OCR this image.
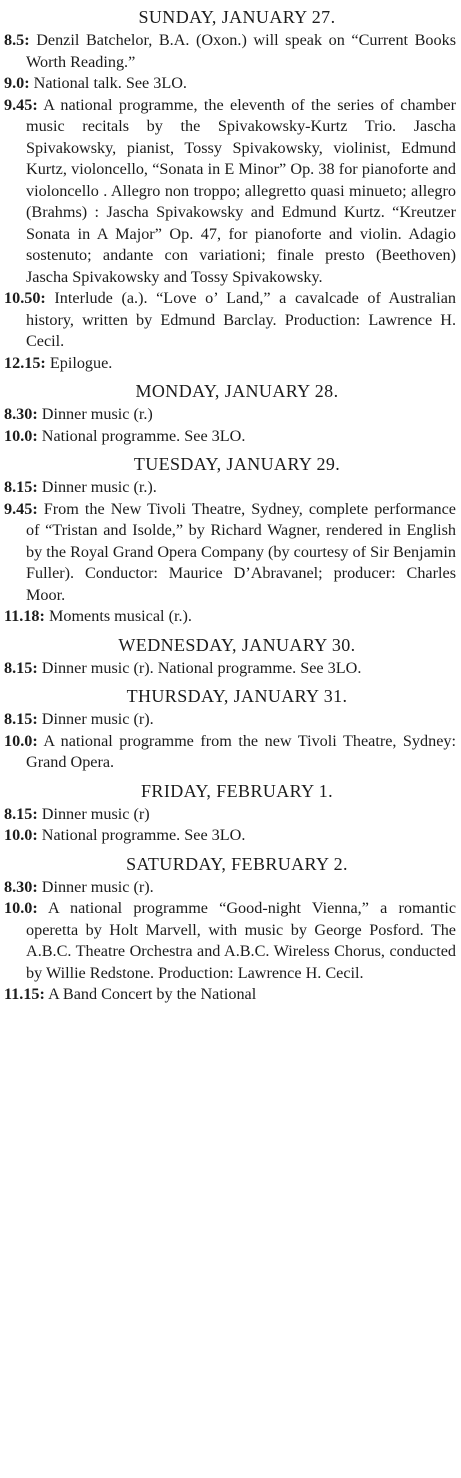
SUNDAY, JANUARY 27.

8.5: Denzil Batchelor, B.A. (Oxon.) will speak on “Current Books Worth Reading.”

9.0: National talk. See 3LO.

9.45: A national programme, the eleventh of the series of chamber music recitals by the Spivakowsky-Kurtz Trio. Jascha Spivakowsky, pianist, Tossy Spivakowsky, violinist, Edmund Kurtz, violoncello, “Sonata in E Minor” Op. 38 for pianoforte and violoncello . Allegro non troppo; allegretto quasi minueto; allegro (Brahms) : Jascha Spivakowsky and Edmund Kurtz. “Kreutzer Sonata in A Major” Op. 47, for pianoforte and violin. Adagio sostenuto; andante con variationi; finale presto (Beethoven) Jascha Spivakowsky and Tossy Spivakowsky.

10.50: Interlude (a.). “Love o’ Land,” a cavalcade of Australian history, written by Edmund Barclay. Production: Lawrence H. Cecil.

12.15: Epilogue.

MONDAY, JANUARY 28.

8.30: Dinner music (r.)

10.0: National programme. See 3LO.

TUESDAY, JANUARY 29.

8.15: Dinner music (r.).

9.45: From the New Tivoli Theatre, Sydney, complete performance of “Tristan and Isolde,” by Richard Wagner, rendered in English by the Royal Grand Opera Company (by courtesy of Sir Benjamin Fuller). Conductor: Maurice D’Abravanel; producer: Charles Moor.

11.18: Moments musical (r.).

WEDNESDAY, JANUARY 30.

8.15: Dinner music (r). National programme. See 3LO.

THURSDAY, JANUARY 31.

8.15: Dinner music (r).

10.0: A national programme from the new Tivoli Theatre, Sydney: Grand Opera.

FRIDAY, FEBRUARY 1.

8.15: Dinner music (r)

10.0: National programme. See 3LO.

SATURDAY, FEBRUARY 2.

8.30: Dinner music (r).

10.0: A national programme “Good-night Vienna,” a romantic operetta by Holt Marvell, with music by George Posford. The A.B.C. Theatre Orchestra and A.B.C. Wireless Chorus, conducted by Willie Redstone. Production: Lawrence H. Cecil.

11.15: A Band Concert by the National
